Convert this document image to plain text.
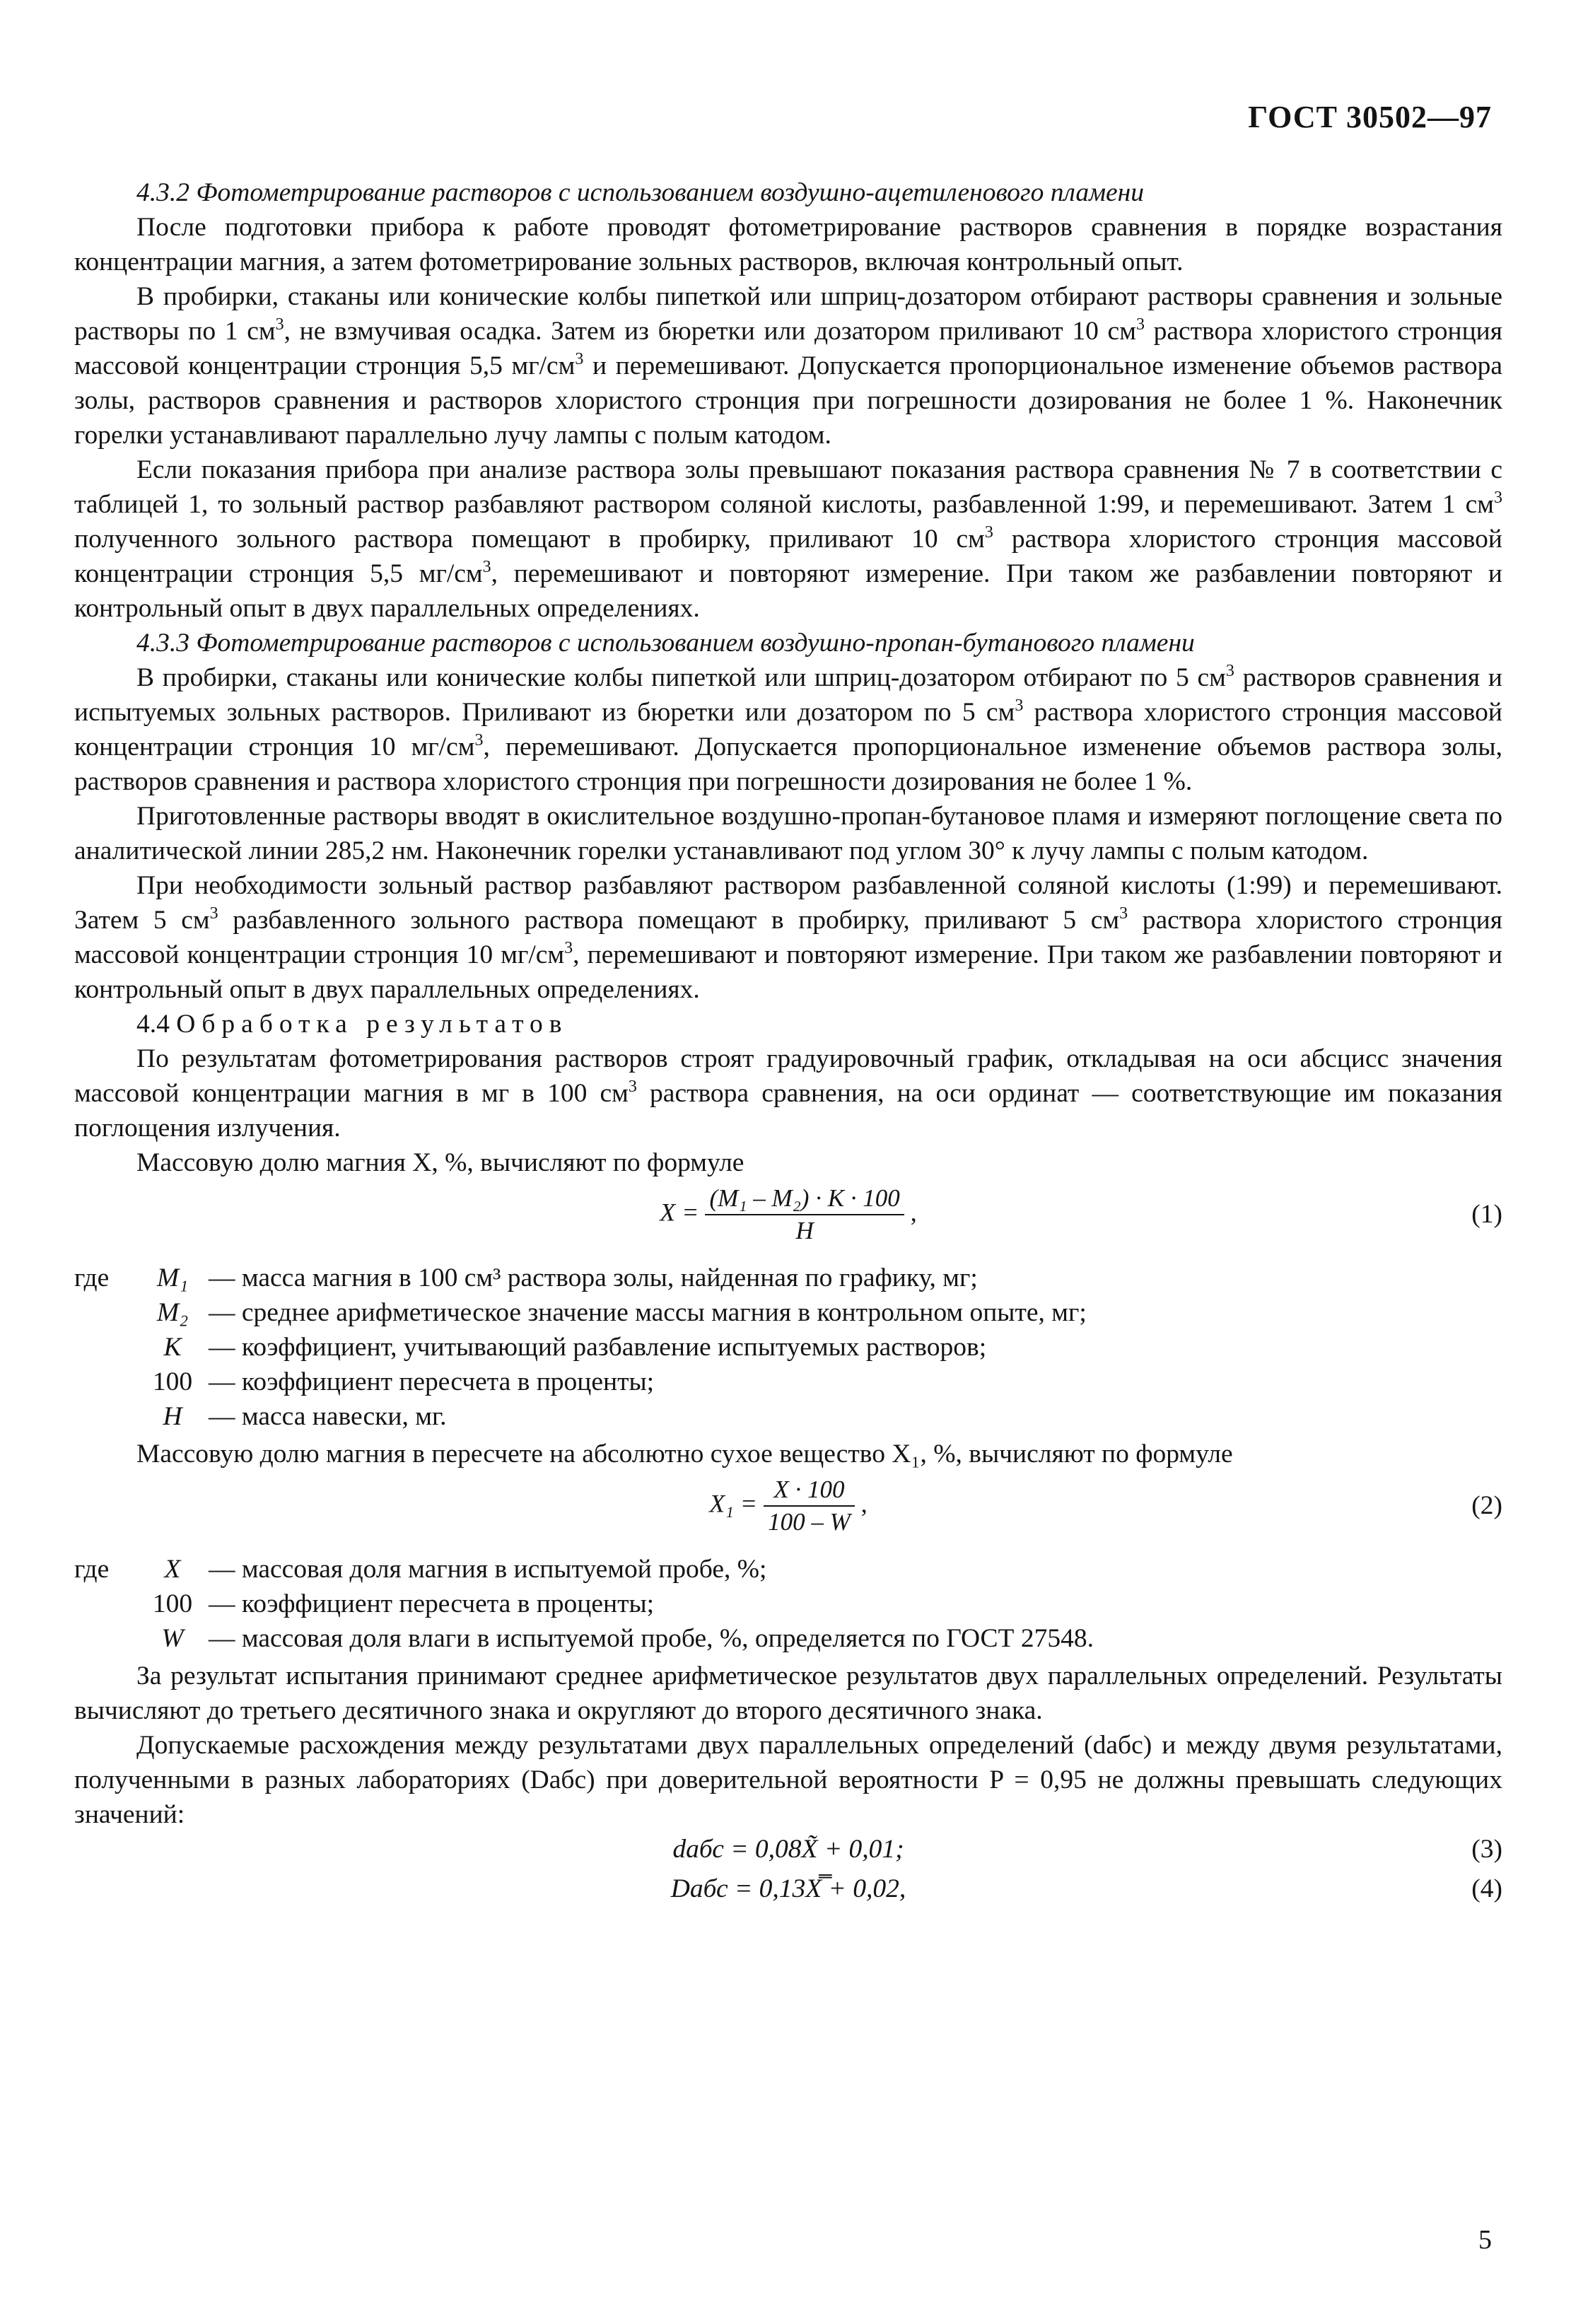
ГОСТ 30502—97

4.3.2 Фотометрирование растворов с использованием воздушно-ацетиленового пламени

После подготовки прибора к работе проводят фотометрирование растворов сравнения в порядке возрастания концентрации магния, а затем фотометрирование зольных растворов, включая контрольный опыт.

В пробирки, стаканы или конические колбы пипеткой или шприц-дозатором отбирают растворы сравнения и зольные растворы по 1 $см^3$, не взмучивая осадка. Затем из бюретки или дозатором приливают 10 $см^3$ раствора хлористого стронция массовой концентрации стронция 5,5 $мг/см^3$ и перемешивают. Допускается пропорциональное изменение объемов раствора золы, растворов сравнения и растворов хлористого стронция при погрешности дозирования не более 1 %. Наконечник горелки устанавливают параллельно лучу лампы с полым катодом.

Если показания прибора при анализе раствора золы превышают показания раствора сравнения № 7 в соответствии с таблицей 1, то зольный раствор разбавляют раствором соляной кислоты, разбавленной 1:99, и перемешивают. Затем 1 $см^3$ полученного зольного раствора помещают в пробирку, приливают 10 $см^3$ раствора хлористого стронция массовой концентрации стронция 5,5 $мг/см^3$, перемешивают и повторяют измерение. При таком же разбавлении повторяют и контрольный опыт в двух параллельных определениях.

4.3.3 Фотометрирование растворов с использованием воздушно-пропан-бутанового пламени

В пробирки, стаканы или конические колбы пипеткой или шприц-дозатором отбирают по 5 $см^3$ растворов сравнения и испытуемых зольных растворов. Приливают из бюретки или дозатором по 5 $см^3$ раствора хлористого стронция массовой концентрации стронция 10 $мг/см^3$, перемешивают. Допускается пропорциональное изменение объемов раствора золы, растворов сравнения и раствора хлористого стронция при погрешности дозирования не более 1 %.

Приготовленные растворы вводят в окислительное воздушно-пропан-бутановое пламя и измеряют поглощение света по аналитической линии 285,2 нм. Наконечник горелки устанавливают под углом 30° к лучу лампы с полым катодом.

При необходимости зольный раствор разбавляют раствором разбавленной соляной кислоты (1:99) и перемешивают. Затем 5 $см^3$ разбавленного зольного раствора помещают в пробирку, приливают 5 $см^3$ раствора хлористого стронция массовой концентрации стронция 10 $мг/см^3$, перемешивают и повторяют измерение. При таком же разбавлении повторяют и контрольный опыт в двух параллельных определениях.

4.4 Обработка результатов

По результатам фотометрирования растворов строят градуировочный график, откладывая на оси абсцисс значения массовой концентрации магния в мг в 100 $см^3$ раствора сравнения, на оси ординат — соответствующие им показания поглощения излучения.

Массовую долю магния X, %, вычисляют по формуле

$X = \frac{\text{(M₁ – M₂) · K · 100}}{H}$ ,	(1)
где	M₁ — масса магния в 100 см³ раствора золы, найденная по графику, мг;
M₂ — среднее арифметическое значение массы магния в контрольном опыте, мг;
K	— коэффициент, учитывающий разбавление испытуемых растворов;
100 — коэффициент пересчета в проценты;
H — масса навески, мг.

Массовую долю магния в пересчете на абсолютно сухое вещество X₁, %, вычисляют по формуле

$X_1 = \frac{X \cdot 100}{100 - W}$ ,	(2)
где	X	— массовая доля магния в испытуемой пробе, %;
100 — коэффициент пересчета в проценты;
W — массовая доля влаги в испытуемой пробе, %, определяется по ГОСТ 27548.

За результат испытания принимают среднее арифметическое результатов двух параллельных определений. Результаты вычисляют до третьего десятичного знака и округляют до второго десятичного знака.

Допускаемые расхождения между результатами двух параллельных определений (dабс) и между двумя результатами, полученными в разных лабораториях (Dабс) при доверительной вероятности P = 0,95 не должны превышать следующих значений:

dабс = 0,08X̃ + 0,01;	(3)
Dабс = 0,13X̿ + 0,02,	(4)
5
